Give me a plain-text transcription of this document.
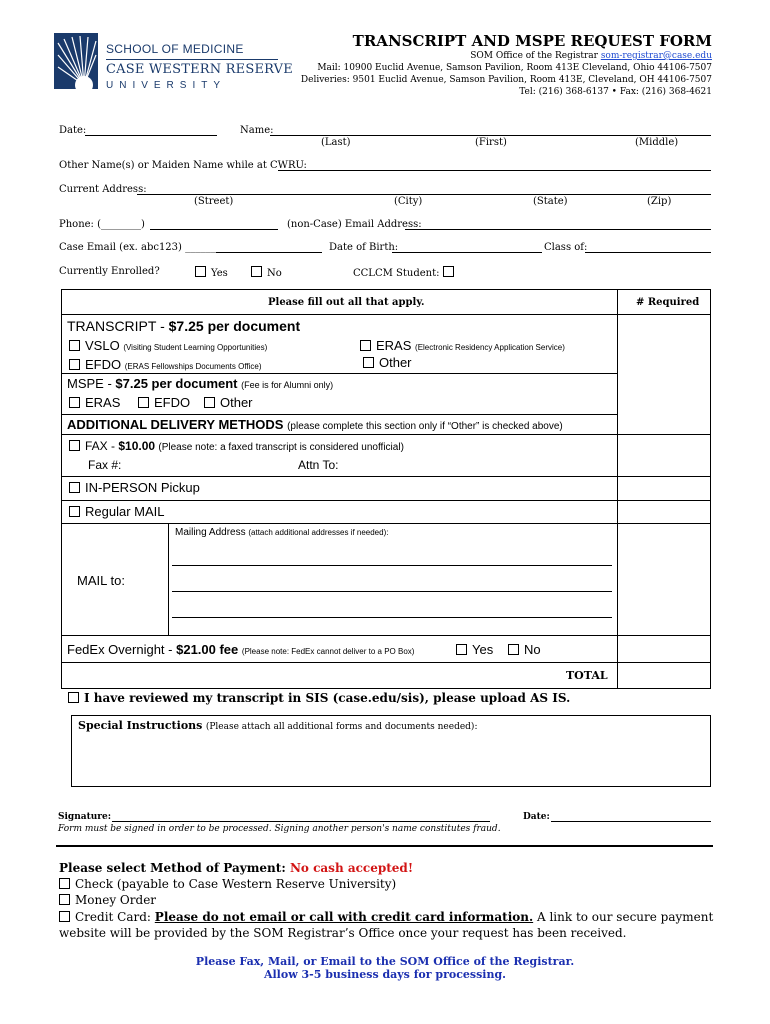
SCHOOL OF MEDICINE
CASE WESTERN RESERVE
UNIVERSITY
TRANSCRIPT AND MSPE REQUEST FORM
SOM Office of the Registrar som-registrar@case.edu
Mail: 10900 Euclid Avenue, Samson Pavilion, Room 413E Cleveland, Ohio 44106-7507
Deliveries: 9501 Euclid Avenue, Samson Pavilion, Room 413E, Cleveland, OH 44106-7507
Tel: (216) 368-6137 • Fax: (216) 368-4621
Date:	Name:
(Last)	(First)	(Middle)
Other Name(s) or Maiden Name while at CWRU:
Current Address:
(Street)	(City)	(State)	(Zip)
Phone: (________)	(non-Case) Email Address:
Case Email (ex. abc123) _______	Date of Birth:	Class of:
Currently Enrolled?	Yes	No	CCLCM Student:
Please fill out all that apply.	# Required
TRANSCRIPT - $7.25 per document
VSLO (Visiting Student Learning Opportunities)	ERAS (Electronic Residency Application Service)
EFDO (ERAS Fellowships Documents Office)	Other
MSPE - $7.25 per document (Fee is for Alumni only)
ERAS	EFDO	Other
ADDITIONAL DELIVERY METHODS (please complete this section only if “Other” is checked above)
FAX - $10.00 (Please note: a faxed transcript is considered unofficial)
Fax #:	Attn To:
IN-PERSON Pickup
Regular MAIL
MAIL to:
Mailing Address (attach additional addresses if needed):
FedEx Overnight - $21.00 fee (Please note: FedEx cannot deliver to a PO Box)	Yes	No
TOTAL
I have reviewed my transcript in SIS (case.edu/sis), please upload AS IS.
Special Instructions (Please attach all additional forms and documents needed):
Signature:	Date:
Form must be signed in order to be processed. Signing another person's name constitutes fraud.
Please select Method of Payment: No cash accepted!
Check (payable to Case Western Reserve University)
Money Order
Credit Card: Please do not email or call with credit card information. A link to our secure payment
website will be provided by the SOM Registrar’s Office once your request has been received.
Please Fax, Mail, or Email to the SOM Office of the Registrar.
Allow 3-5 business days for processing.
